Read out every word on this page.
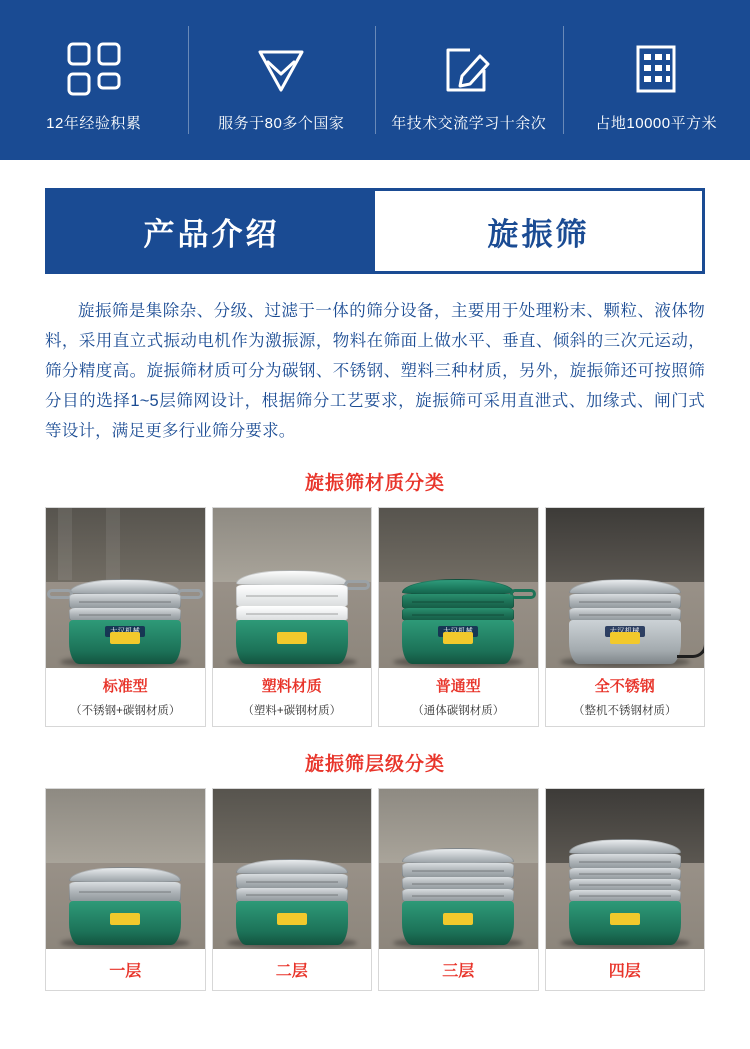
12年经验积累	服务于80多个国家	年技术交流学习十余次	占地10000平方米
产品介绍	旋振筛

旋振筛是集除杂、分级、过滤于一体的筛分设备，主要用于处理粉末、颗粒、液体物料，采用直立式振动电机作为激振源，物料在筛面上做水平、垂直、倾斜的三次元运动，筛分精度高。旋振筛材质可分为碳钢、不锈钢、塑料三种材质，另外，旋振筛还可按照筛分目的选择1~5层筛网设计，根据筛分工艺要求，旋振筛可采用直泄式、加缘式、闸门式等设计，满足更多行业筛分要求。

旋振筛材质分类
标准型
（不锈钢+碳钢材质）
塑料材质
（塑料+碳钢材质）
普通型
（通体碳钢材质）
全不锈钢
（整机不锈钢材质）
旋振筛层级分类
一层	二层	三层	四层
